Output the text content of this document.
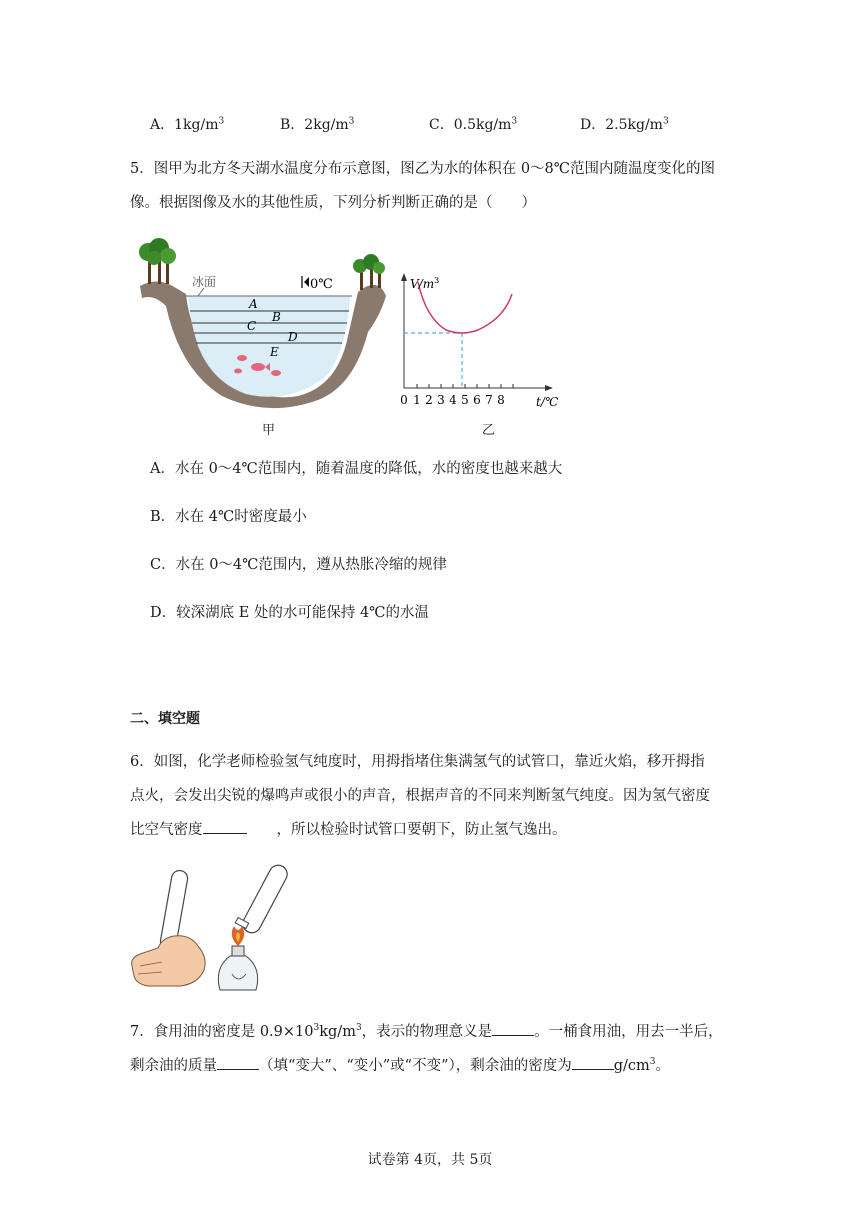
A．$1kg/m^3$	B．$2kg/m^3$	C．$0.5kg/m^3$	D．$2.5kg/m^3$
5．图甲为北方冬天湖水温度分布示意图，图乙为水的体积在 0～8℃范围内随温度变化的图
像。根据图像及水的其他性质，下列分析判断正确的是（　　）
冰面	0℃
A
B
C
D
E
$V/m^3$
t/℃
0 1 2 3 4 5 6 7 8
甲	乙
A．水在 0～4℃范围内，随着温度的降低，水的密度也越来越大
B．水在 4℃时密度最小
C．水在 0～4℃范围内，遵从热胀冷缩的规律
D．较深湖底 E 处的水可能保持 4℃的水温
二、填空题
6．如图，化学老师检验氢气纯度时，用拇指堵住集满氢气的试管口，靠近火焰，移开拇指
点火，会发出尖锐的爆鸣声或很小的声音，根据声音的不同来判断氢气纯度。因为氢气密度
比空气密度	，所以检验时试管口要朝下，防止氢气逸出。
7．食用油的密度是 $0.9\times 10^3kg/m^3$，表示的物理意义是	。一桶食用油，用去一半后，
剩余油的质量	（填“变大”、“变小”或“不变”），剩余油的密度为	$g/cm^3$。
试卷第 4页，共 5页
